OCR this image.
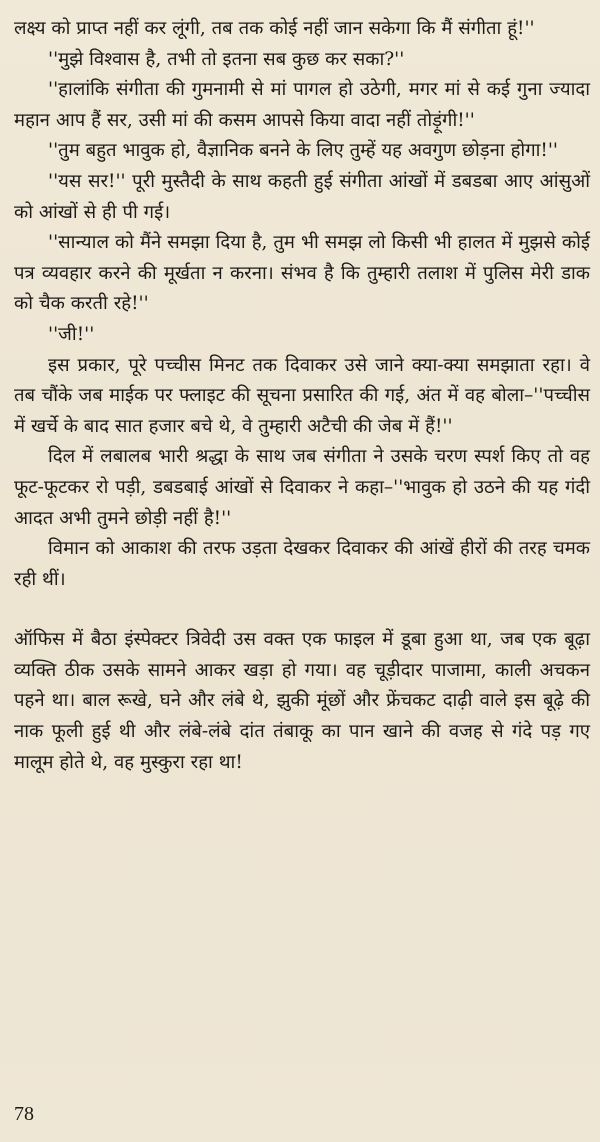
लक्ष्य को प्राप्त नहीं कर लूंगी, तब तक कोई नहीं जान सकेगा कि मैं संगीता हूं!''

''मुझे विश्वास है, तभी तो इतना सब कुछ कर सका?''

''हालांकि संगीता की गुमनामी से मां पागल हो उठेगी, मगर मां से कई गुना ज्यादा महान आप हैं सर, उसी मां की कसम आपसे किया वादा नहीं तोड़ूंगी!''

''तुम बहुत भावुक हो, वैज्ञानिक बनने के लिए तुम्हें यह अवगुण छोड़ना होगा!''

''यस सर!'' पूरी मुस्तैदी के साथ कहती हुई संगीता आंखों में डबडबा आए आंसुओं को आंखों से ही पी गई।

''सान्याल को मैंने समझा दिया है, तुम भी समझ लो किसी भी हालत में मुझसे कोई पत्र व्यवहार करने की मूर्खता न करना। संभव है कि तुम्हारी तलाश में पुलिस मेरी डाक को चैक करती रहे!''

''जी!''

इस प्रकार, पूरे पच्चीस मिनट तक दिवाकर उसे जाने क्या-क्या समझाता रहा। वे तब चौंके जब माईक पर फ्लाइट की सूचना प्रसारित की गई, अंत में वह बोला–''पच्चीस में खर्चे के बाद सात हजार बचे थे, वे तुम्हारी अटैची की जेब में हैं!''

दिल में लबालब भारी श्रद्धा के साथ जब संगीता ने उसके चरण स्पर्श किए तो वह फूट-फूटकर रो पड़ी, डबडबाई आंखों से दिवाकर ने कहा–''भावुक हो उठने की यह गंदी आदत अभी तुमने छोड़ी नहीं है!''

विमान को आकाश की तरफ उड़ता देखकर दिवाकर की आंखें हीरों की तरह चमक रही थीं।

ऑफिस में बैठा इंस्पेक्टर त्रिवेदी उस वक्त एक फाइल में डूबा हुआ था, जब एक बूढ़ा व्यक्ति ठीक उसके सामने आकर खड़ा हो गया। वह चूड़ीदार पाजामा, काली अचकन पहने था। बाल रूखे, घने और लंबे थे, झुकी मूंछों और फ्रेंचकट दाढ़ी वाले इस बूढ़े की नाक फूली हुई थी और लंबे-लंबे दांत तंबाकू का पान खाने की वजह से गंदे पड़ गए मालूम होते थे, वह मुस्कुरा रहा था!

78
